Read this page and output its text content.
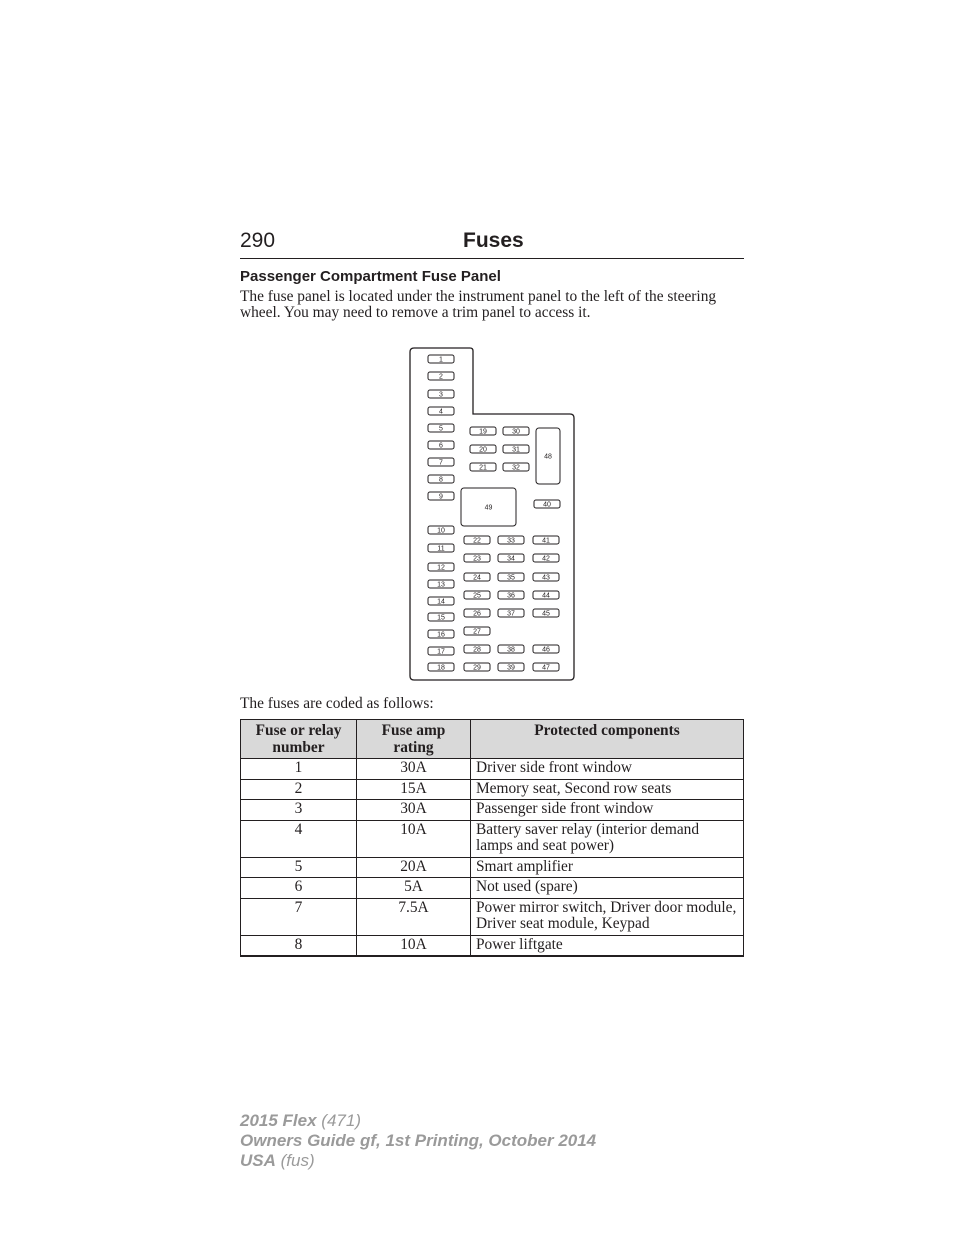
290	Fuses
Passenger Compartment Fuse Panel
The fuse panel is located under the instrument panel to the left of the steering wheel. You may need to remove a trim panel to access it.
1
2
3
4
5
6
7
8
9
10
11
12
13
14
15
16
17
18
19	30
20	31
21	32
48
49	40
22	33	41
23	34	42
24	35	43
25	36	44
26	37	45
27
28	38	46
29	39	47
The fuses are coded as follows:
Fuse or relay number	Fuse amp rating	Protected components
1	30A	Driver side front window
2	15A	Memory seat, Second row seats
3	30A	Passenger side front window
4	10A	Battery saver relay (interior demand lamps and seat power)
5	20A	Smart amplifier
6	5A	Not used (spare)
7	7.5A	Power mirror switch, Driver door module, Driver seat module, Keypad
8	10A	Power liftgate
2015 Flex (471)
Owners Guide gf, 1st Printing, October 2014
USA (fus)
